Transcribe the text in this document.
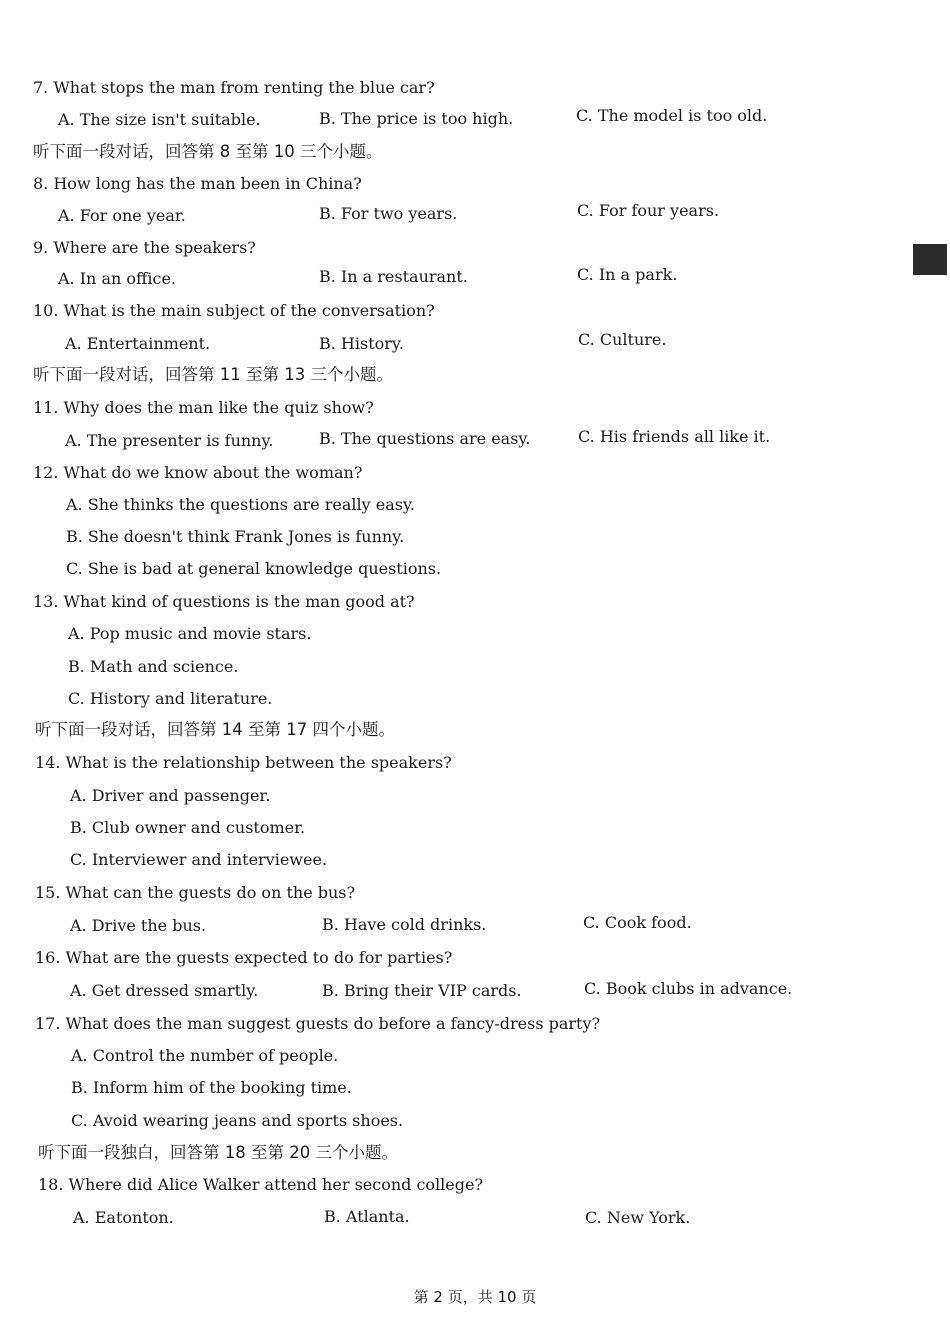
7. What stops the man from renting the blue car?
A. The size isn't suitable.	B. The price is too high.	C. The model is too old.
听下面一段对话，回答第 8 至第 10 三个小题。
8. How long has the man been in China?
A. For one year.	B. For two years.	C. For four years.
9. Where are the speakers?
A. In an office.	B. In a restaurant.	C. In a park.
10. What is the main subject of the conversation?
A. Entertainment.	B. History.	C. Culture.
听下面一段对话，回答第 11 至第 13 三个小题。
11. Why does the man like the quiz show?
A. The presenter is funny.	B. The questions are easy.	C. His friends all like it.
12. What do we know about the woman?
A. She thinks the questions are really easy.
B. She doesn't think Frank Jones is funny.
C. She is bad at general knowledge questions.
13. What kind of questions is the man good at?
A. Pop music and movie stars.
B. Math and science.
C. History and literature.
听下面一段对话，回答第 14 至第 17 四个小题。
14. What is the relationship between the speakers?
A. Driver and passenger.
B. Club owner and customer.
C. Interviewer and interviewee.
15. What can the guests do on the bus?
A. Drive the bus.	B. Have cold drinks.	C. Cook food.
16. What are the guests expected to do for parties?
A. Get dressed smartly.	B. Bring their VIP cards.	C. Book clubs in advance.
17. What does the man suggest guests do before a fancy-dress party?
A. Control the number of people.
B. Inform him of the booking time.
C. Avoid wearing jeans and sports shoes.
听下面一段独白，回答第 18 至第 20 三个小题。
18. Where did Alice Walker attend her second college?
A. Eatonton.	B. Atlanta.	C. New York.
第 2 页，共 10 页
